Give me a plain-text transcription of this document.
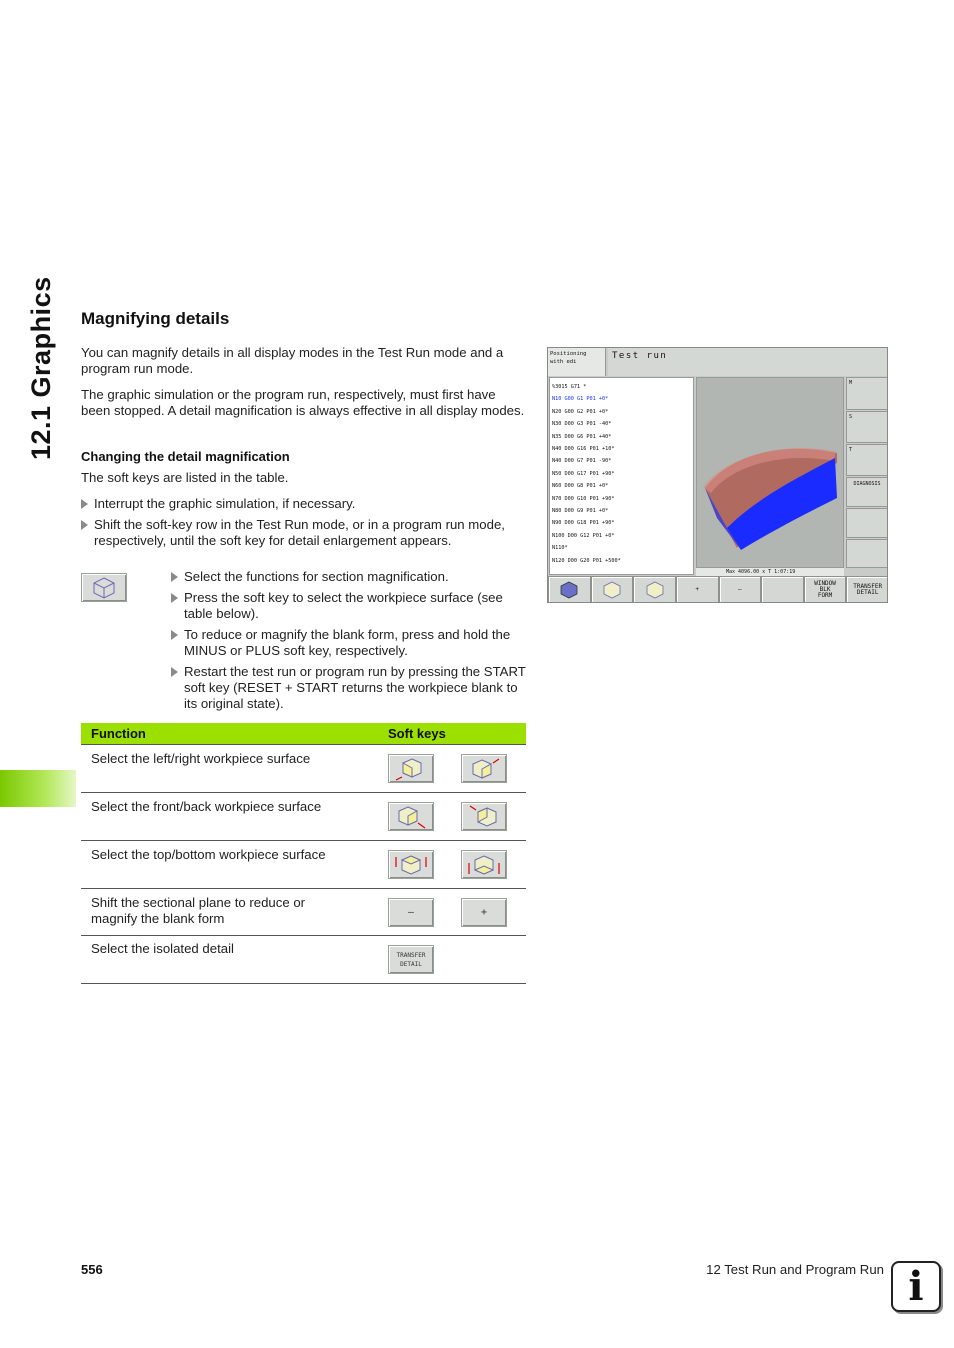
12.1 Graphics Magnifying details
You can magnify details in all display modes in the Test Run mode and a program run mode.
The graphic simulation or the program run, respectively, must first have been stopped. A detail magnification is always effective in all display modes.
Changing the detail magnification
The soft keys are listed in the table.
Interrupt the graphic simulation, if necessary.
Shift the soft-key row in the Test Run mode, or in a program run mode, respectively, until the soft key for detail enlargement appears.
Select the functions for section magnification.
Press the soft key to select the workpiece surface (see table below).
To reduce or magnify the blank form, press and hold the MINUS or PLUS soft key, respectively.
Restart the test run or program run by pressing the START soft key (RESET + START returns the workpiece blank to its original state).
Function	Soft keys
Select the left/right workpiece surface
Select the front/back workpiece surface
Select the top/bottom workpiece surface
Shift the sectional plane to reduce or magnify the blank form	–	+
Select the isolated detail	TRANSFER
DETAIL
Positioning
with edi
Test run
%3015 G71 *
N10 G00 G1 P01 +0*
N20 G00 G2 P01 +0*
N30 D00 G3 P01 -40*
N35 D00 G6 P01 +40*
N40 D00 G16 P01 +10*
N40 D00 G7 P01 -90*
N50 D00 G17 P01 +90*
N60 D00 G8 P01 +0*
N70 D00 G10 P01 +90*
N80 D00 G9 P01 +0*
N90 D00 G18 P01 +90*
N100 D00 G12 P01 +0*
N110*
N120 D00 G20 P01 +500*
Max 4096.00 x T 1:07:19
M
S
T
DIAGNOSIS
+	–
WINDOW
BLK
FORM
TRANSFER
DETAIL
556	12 Test Run and Program Run i
